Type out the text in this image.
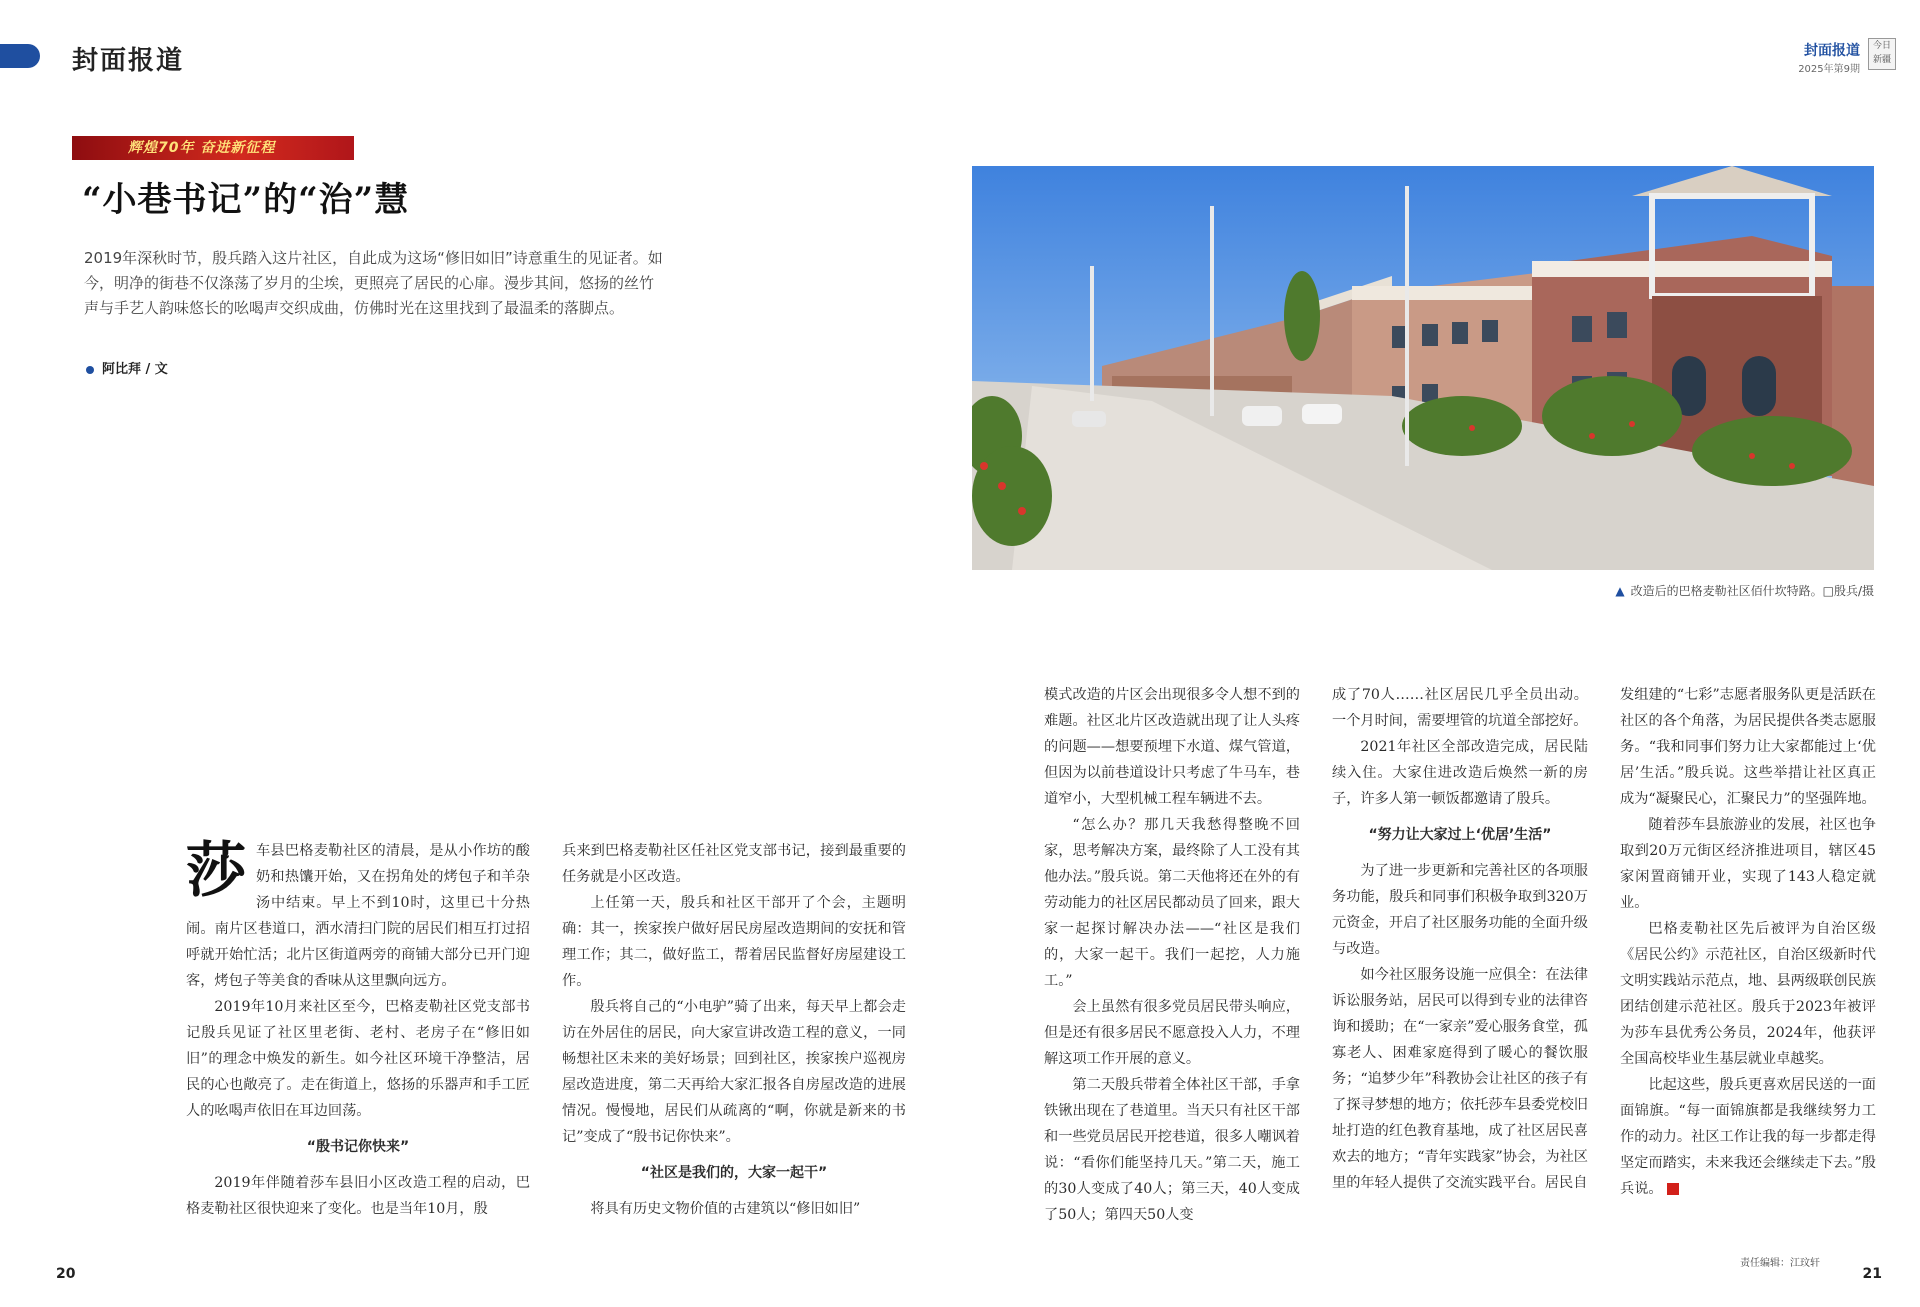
封面报道	封面报道
2025年第9期
今日新疆
辉煌70年 奋进新征程
“小巷书记”的“治”慧
2019年深秋时节，殷兵踏入这片社区，自此成为这场“修旧如旧”诗意重生的见证者。如今，明净的街巷不仅涤荡了岁月的尘埃，更照亮了居民的心扉。漫步其间，悠扬的丝竹声与手艺人韵味悠长的吆喝声交织成曲，仿佛时光在这里找到了最温柔的落脚点。
阿比拜 / 文
▲ 改造后的巴格麦勒社区佰什坎特路。□殷兵/摄
莎 车县巴格麦勒社区的清晨，是从小作坊的酸奶和热馕开始，又在拐角处的烤包子和羊杂汤中结束。早上不到10时，这里已十分热闹。南片区巷道口，洒水清扫门院的居民们相互打过招呼就开始忙活；北片区街道两旁的商铺大部分已开门迎客，烤包子等美食的香味从这里飘向远方。

2019年10月来社区至今，巴格麦勒社区党支部书记殷兵见证了社区里老街、老村、老房子在“修旧如旧”的理念中焕发的新生。如今社区环境干净整洁，居民的心也敞亮了。走在街道上，悠扬的乐器声和手工匠人的吆喝声依旧在耳边回荡。

“殷书记你快来”

2019年伴随着莎车县旧小区改造工程的启动，巴格麦勒社区很快迎来了变化。也是当年10月，殷

兵来到巴格麦勒社区任社区党支部书记，接到最重要的任务就是小区改造。

上任第一天，殷兵和社区干部开了个会，主题明确：其一，挨家挨户做好居民房屋改造期间的安抚和管理工作；其二，做好监工，帮着居民监督好房屋建设工作。

殷兵将自己的“小电驴”骑了出来，每天早上都会走访在外居住的居民，向大家宣讲改造工程的意义，一同畅想社区未来的美好场景；回到社区，挨家挨户巡视房屋改造进度，第二天再给大家汇报各自房屋改造的进展情况。慢慢地，居民们从疏离的“啊，你就是新来的书记”变成了“殷书记你快来”。

“社区是我们的，大家一起干”

将具有历史文物价值的古建筑以“修旧如旧”

模式改造的片区会出现很多令人想不到的难题。社区北片区改造就出现了让人头疼的问题——想要预埋下水道、煤气管道，但因为以前巷道设计只考虑了牛马车，巷道窄小，大型机械工程车辆进不去。

“怎么办？那几天我愁得整晚不回家，思考解决方案，最终除了人工没有其他办法。”殷兵说。第二天他将还在外的有劳动能力的社区居民都动员了回来，跟大家一起探讨解决办法——“社区是我们的，大家一起干。我们一起挖，人力施工。”

会上虽然有很多党员居民带头响应，但是还有很多居民不愿意投入人力，不理解这项工作开展的意义。

第二天殷兵带着全体社区干部，手拿铁锹出现在了巷道里。当天只有社区干部和一些党员居民开挖巷道，很多人嘲讽着说：“看你们能坚持几天。”第二天，施工的30人变成了40人；第三天，40人变成了50人；第四天50人变

成了70人……社区居民几乎全员出动。一个月时间，需要埋管的坑道全部挖好。

2021年社区全部改造完成，居民陆续入住。大家住进改造后焕然一新的房子，许多人第一顿饭都邀请了殷兵。

“努力让大家过上‘优居’生活”

为了进一步更新和完善社区的各项服务功能，殷兵和同事们积极争取到320万元资金，开启了社区服务功能的全面升级与改造。

如今社区服务设施一应俱全：在法律诉讼服务站，居民可以得到专业的法律咨询和援助；在“一家亲”爱心服务食堂，孤寡老人、困难家庭得到了暖心的餐饮服务；“追梦少年”科教协会让社区的孩子有了探寻梦想的地方；依托莎车县委党校旧址打造的红色教育基地，成了社区居民喜欢去的地方；“青年实践家”协会，为社区里的年轻人提供了交流实践平台。居民自

发组建的“七彩”志愿者服务队更是活跃在社区的各个角落，为居民提供各类志愿服务。“我和同事们努力让大家都能过上‘优居’生活。”殷兵说。这些举措让社区真正成为“凝聚民心，汇聚民力”的坚强阵地。

随着莎车县旅游业的发展，社区也争取到20万元街区经济推进项目，辖区45家闲置商铺开业，实现了143人稳定就业。

巴格麦勒社区先后被评为自治区级《居民公约》示范社区，自治区级新时代文明实践站示范点，地、县两级联创民族团结创建示范社区。殷兵于2023年被评为莎车县优秀公务员，2024年，他获评全国高校毕业生基层就业卓越奖。

比起这些，殷兵更喜欢居民送的一面面锦旗。“每一面锦旗都是我继续努力工作的动力。社区工作让我的每一步都走得坚定而踏实，未来我还会继续走下去。”殷兵说。

20	21
责任编辑：江玟轩
